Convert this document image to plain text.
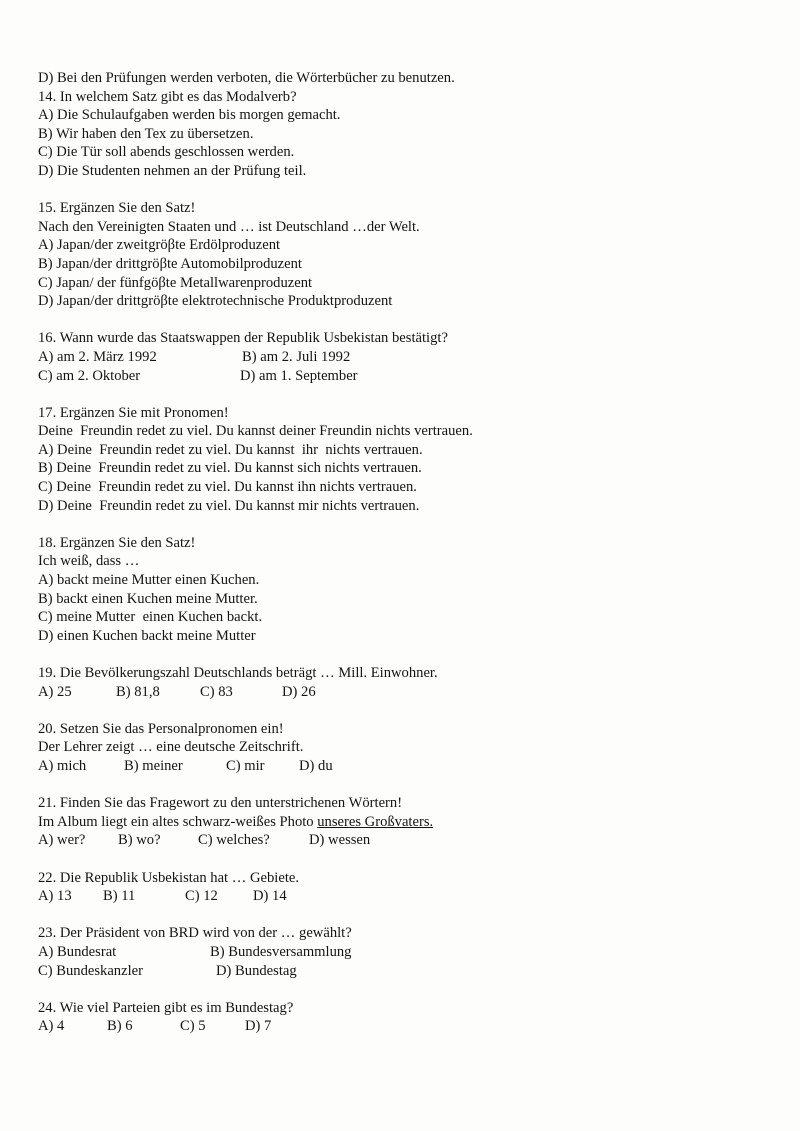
D) Bei den Prüfungen werden verboten, die Wörterbücher zu benutzen.
14. In welchem Satz gibt es das Modalverb?
A) Die Schulaufgaben werden bis morgen gemacht.
B) Wir haben den Tex zu übersetzen.
C) Die Tür soll abends geschlossen werden.
D) Die Studenten nehmen an der Prüfung teil.
15. Ergänzen Sie den Satz!
Nach den Vereinigten Staaten und … ist Deutschland …der Welt.
A) Japan/der zweitgröβte Erdölproduzent
B) Japan/der drittgröβte Automobilproduzent
C) Japan/ der fünfgöβte Metallwarenproduzent
D) Japan/der drittgröβte elektrotechnische Produktproduzent
16. Wann wurde das Staatswappen der Republik Usbekistan bestätigt?

A) am 2. März 1992

	B) am 2. Juli 1992

C) am 2. Oktober

	D) am 1. September

17. Ergänzen Sie mit Pronomen!
Deine  Freundin redet zu viel. Du kannst deiner Freundin nichts vertrauen.
A) Deine  Freundin redet zu viel. Du kannst  ihr  nichts vertrauen.
B) Deine  Freundin redet zu viel. Du kannst sich nichts vertrauen.
C) Deine  Freundin redet zu viel. Du kannst ihn nichts vertrauen.
D) Deine  Freundin redet zu viel. Du kannst mir nichts vertrauen.
18. Ergänzen Sie den Satz!
Ich weiß, dass …
A) backt meine Mutter einen Kuchen.
B) backt einen Kuchen meine Mutter.
C) meine Mutter  einen Kuchen backt.
D) einen Kuchen backt meine Mutter
19. Die Bevölkerungszahl Deutschlands beträgt … Mill. Einwohner.

A) 25

	B) 81,8

	C) 83

	D) 26

20. Setzen Sie das Personalpronomen ein!
Der Lehrer zeigt … eine deutsche Zeitschrift.

A) mich

	B) meiner

	C) mir

D) du

21. Finden Sie das Fragewort zu den unterstrichenen Wörtern!
Im Album liegt ein altes schwarz-weißes Photo unseres Großvaters.

A) wer?

B) wo?

	C) welches?

	D) wessen

22. Die Republik Usbekistan hat … Gebiete.

A) 13

B) 11

	C) 12

D) 14

23. Der Präsident von BRD wird von der … gewählt?

A) Bundesrat

	B) Bundesversammlung

C) Bundeskanzler

	D) Bundestag

24. Wie viel Parteien gibt es im Bundestag?

A) 4

	B) 6

	C) 5

	D) 7
